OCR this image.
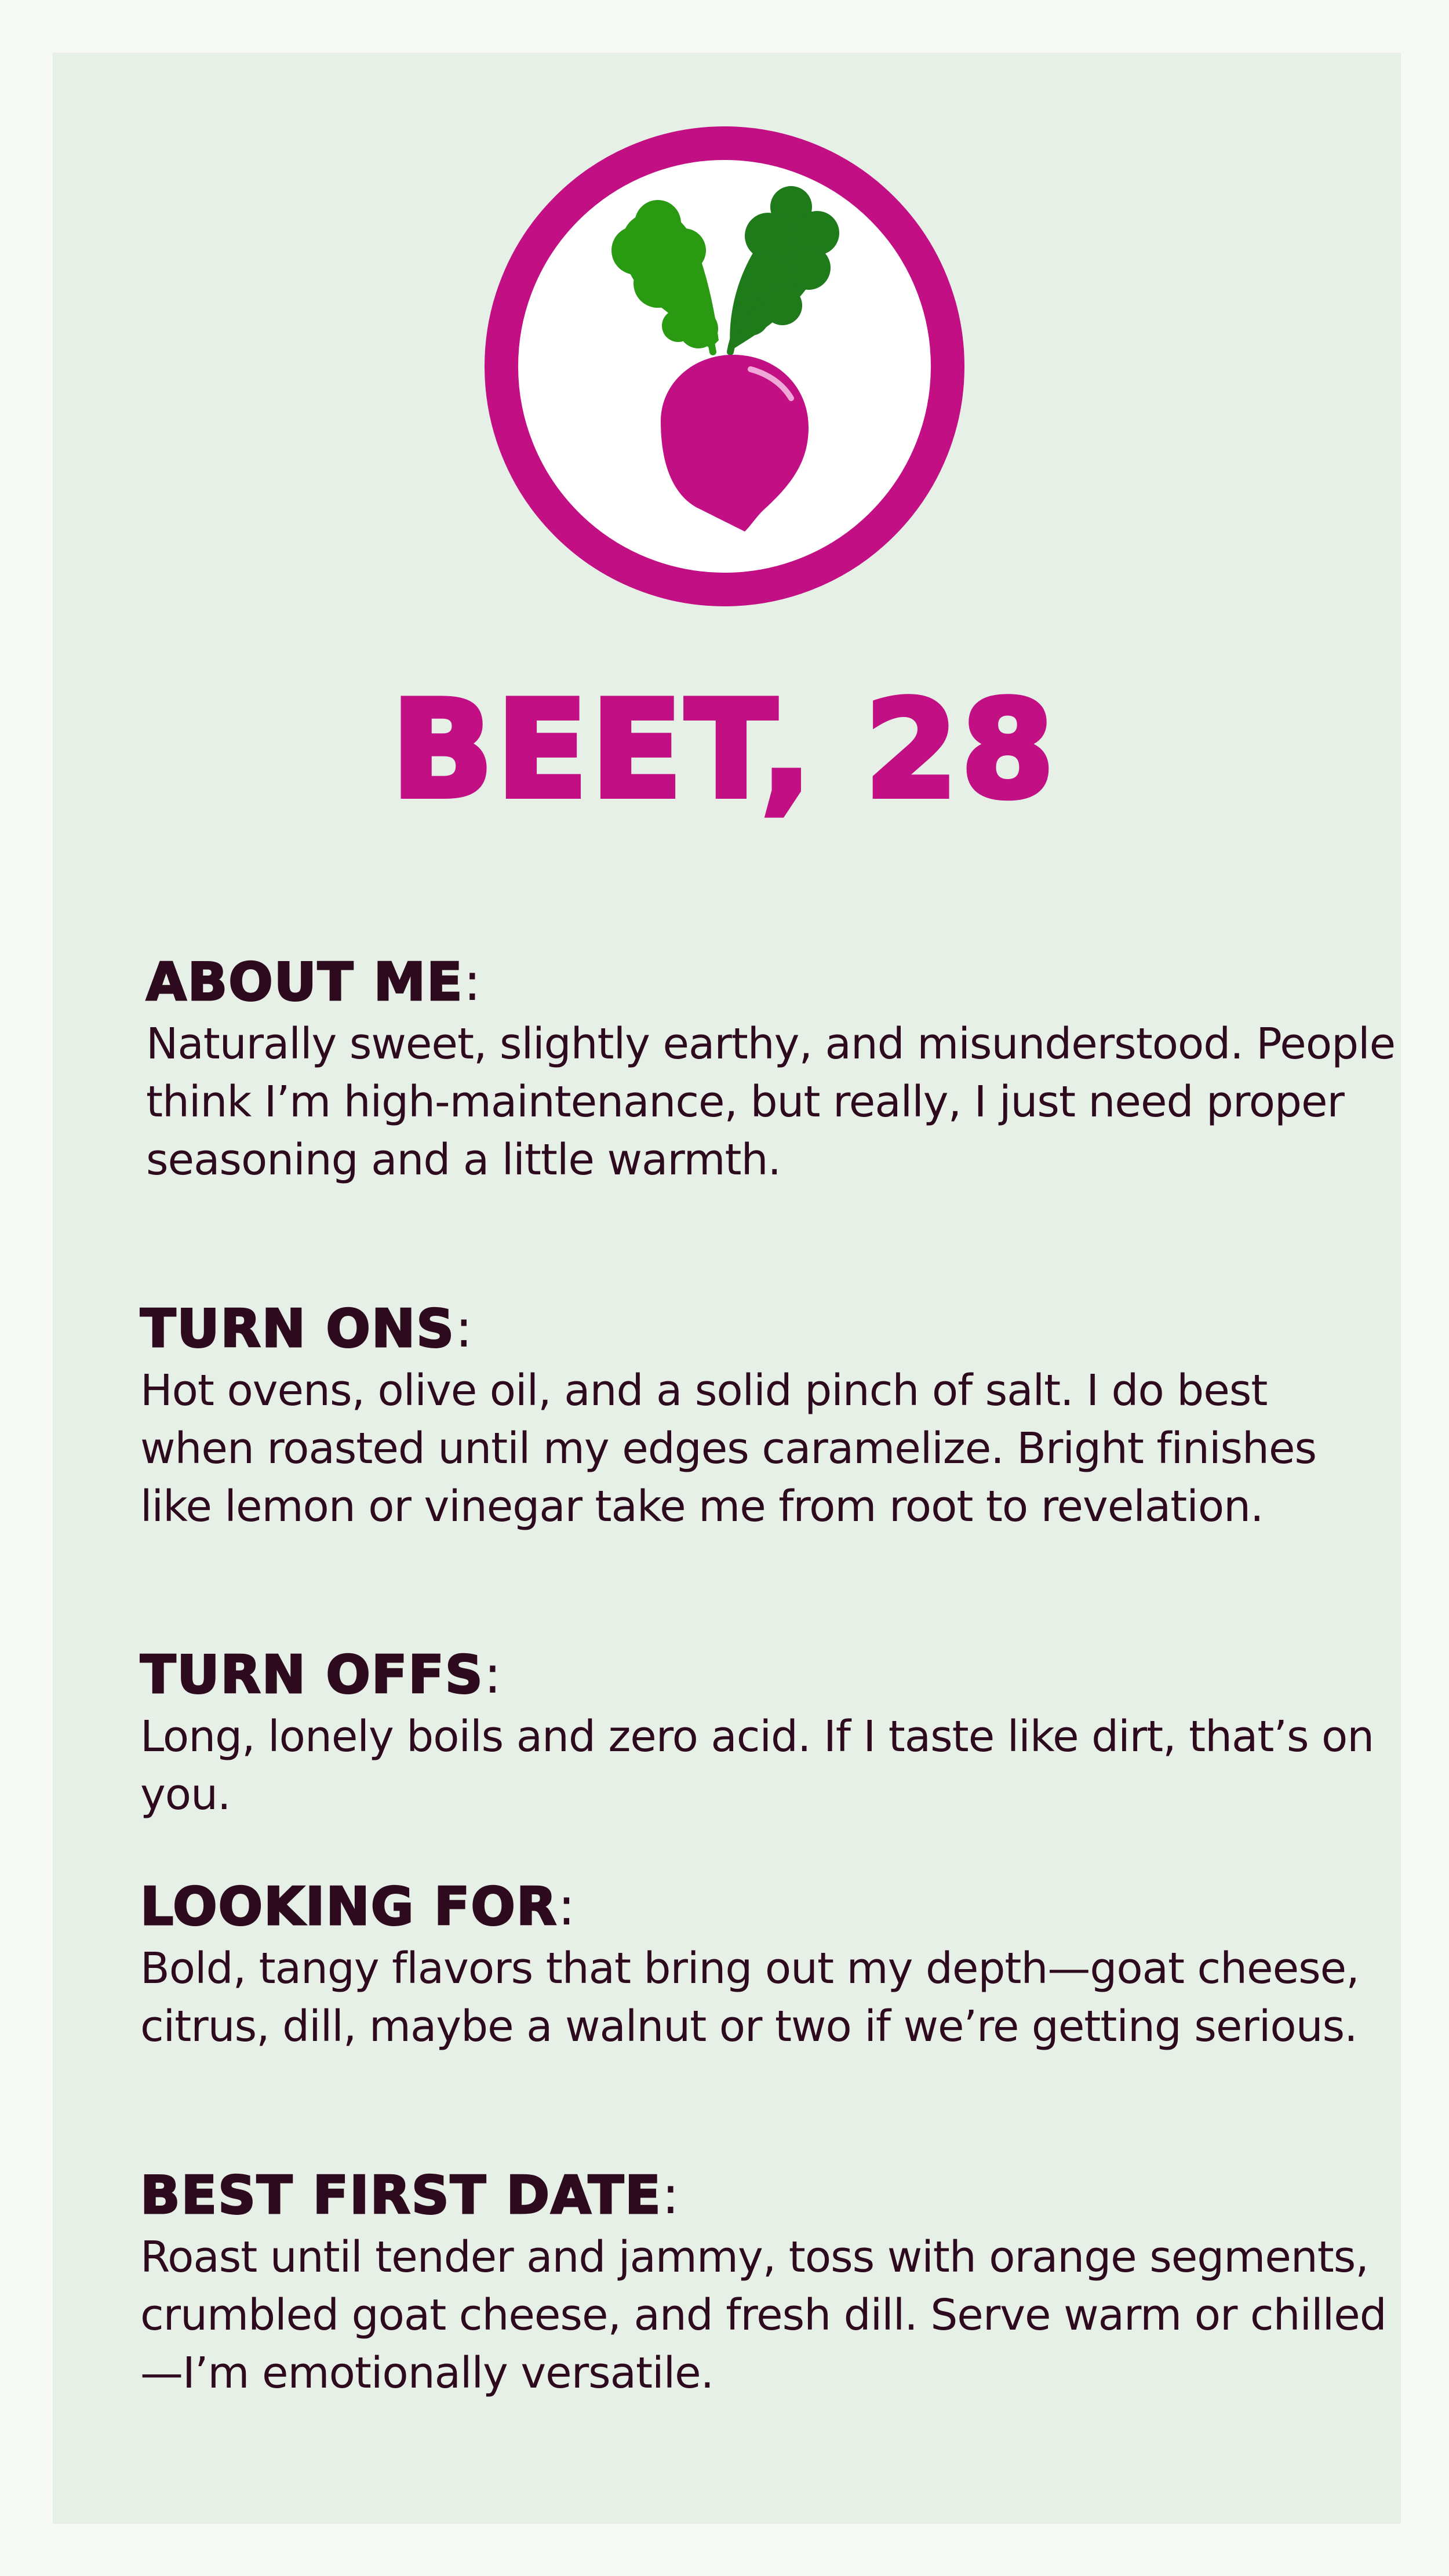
BEET, 28
ABOUT ME:

Naturally sweet, slightly earthy, and misunderstood. People think I’m high-maintenance, but really, I just need proper seasoning and a little warmth.

TURN ONS:

Hot ovens, olive oil, and a solid pinch of salt. I do best when roasted until my edges caramelize. Bright finishes like lemon or vinegar take me from root to revelation.

TURN OFFS:

Long, lonely boils and zero acid. If I taste like dirt, that’s on you.

LOOKING FOR:

Bold, tangy flavors that bring out my depth—goat cheese, citrus, dill, maybe a walnut or two if we’re getting serious.

BEST FIRST DATE:

Roast until tender and jammy, toss with orange segments, crumbled goat cheese, and fresh dill. Serve warm or chilled—I’m emotionally versatile.
